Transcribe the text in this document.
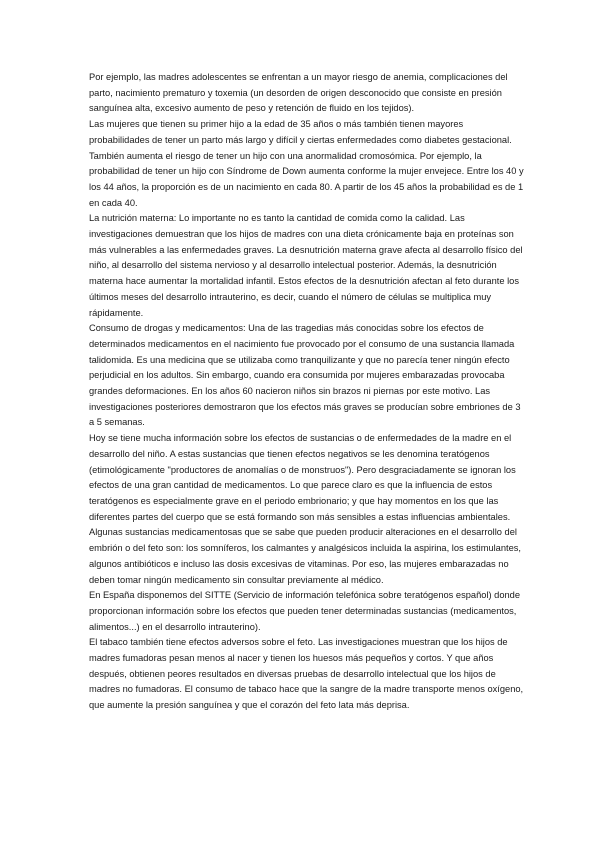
Por ejemplo, las madres adolescentes se enfrentan a un mayor riesgo de anemia, complicaciones del parto, nacimiento prematuro y toxemia (un desorden de origen desconocido que consiste en presión sanguínea alta, excesivo aumento de peso y retención de fluido en los tejidos).

Las mujeres que tienen su primer hijo a la edad de 35 años o más también tienen mayores probabilidades de tener un parto más largo y difícil y ciertas enfermedades como diabetes gestacional. También aumenta el riesgo de tener un hijo con una anormalidad cromosómica. Por ejemplo, la probabilidad de tener un hijo con Síndrome de Down aumenta conforme la mujer envejece. Entre los 40 y los 44 años, la proporción es de un nacimiento en cada 80. A partir de los 45 años la probabilidad es de 1 en cada 40.

La nutrición materna: Lo importante no es tanto la cantidad de comida como la calidad. Las investigaciones demuestran que los hijos de madres con una dieta crónicamente baja en proteínas son más vulnerables a las enfermedades graves. La desnutrición materna grave afecta al desarrollo físico del niño, al desarrollo del sistema nervioso y al desarrollo intelectual posterior. Además, la desnutrición materna hace aumentar la mortalidad infantil. Estos efectos de la desnutrición afectan al feto durante los últimos meses del desarrollo intrauterino, es decir, cuando el número de células se multiplica muy rápidamente.

Consumo de drogas y medicamentos: Una de las tragedias más conocidas sobre los efectos de determinados medicamentos en el nacimiento fue provocado por el consumo de una sustancia llamada talidomida. Es una medicina que se utilizaba como tranquilizante y que no parecía tener ningún efecto perjudicial en los adultos. Sin embargo, cuando era consumida por mujeres embarazadas provocaba grandes deformaciones. En los años 60 nacieron niños sin brazos ni piernas por este motivo. Las investigaciones posteriores demostraron que los efectos más graves se producían sobre embriones de 3 a 5 semanas.

Hoy se tiene mucha información sobre los efectos de sustancias o de enfermedades de la madre en el desarrollo del niño. A estas sustancias que tienen efectos negativos se les denomina teratógenos (etimológicamente "productores de anomalías o de monstruos"). Pero desgraciadamente se ignoran los efectos de una gran cantidad de medicamentos. Lo que parece claro es que la influencia de estos teratógenos es especialmente grave en el periodo embrionario; y que hay momentos en los que las diferentes partes del cuerpo que se está formando son más sensibles a estas influencias ambientales.

Algunas sustancias medicamentosas que se sabe que pueden producir alteraciones en el desarrollo del embrión o del feto son: los somníferos, los calmantes y analgésicos incluida la aspirina, los estimulantes, algunos antibióticos e incluso las dosis excesivas de vitaminas. Por eso, las mujeres embarazadas no deben tomar ningún medicamento sin consultar previamente al médico.

En España disponemos del SITTE (Servicio de información telefónica sobre teratógenos español) donde proporcionan información sobre los efectos que pueden tener determinadas sustancias (medicamentos, alimentos...) en el desarrollo intrauterino).

El tabaco también tiene efectos adversos sobre el feto. Las investigaciones muestran que los hijos de madres fumadoras pesan menos al nacer y tienen los huesos más pequeños y cortos. Y que años después, obtienen peores resultados en diversas pruebas de desarrollo intelectual que los hijos de madres no fumadoras. El consumo de tabaco hace que la sangre de la madre transporte menos oxígeno, que aumente la presión sanguínea y que el corazón del feto lata más deprisa.
